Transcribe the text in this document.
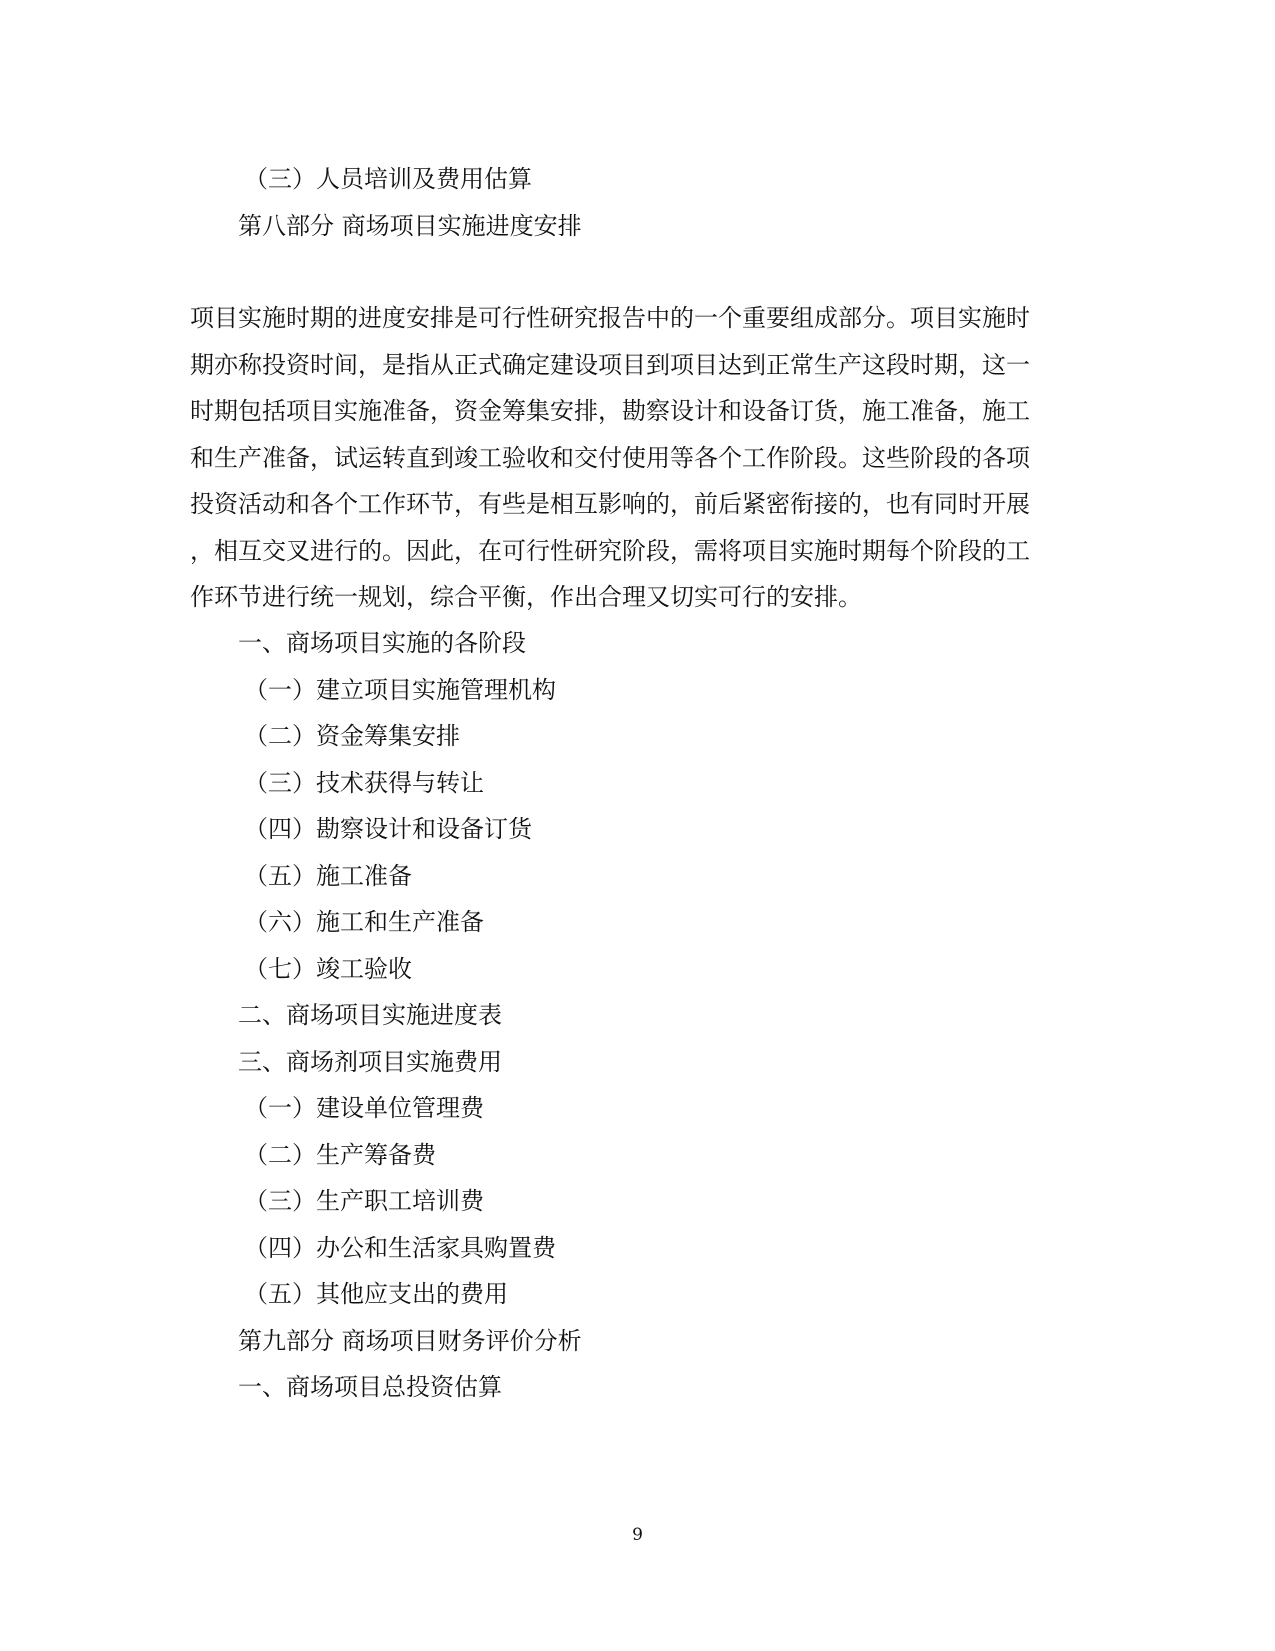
（三）人员培训及费用估算
第八部分 商场项目实施进度安排
项目实施时期的进度安排是可行性研究报告中的一个重要组成部分。项目实施时
期亦称投资时间，是指从正式确定建设项目到项目达到正常生产这段时期，这一
时期包括项目实施准备，资金筹集安排，勘察设计和设备订货，施工准备，施工
和生产准备，试运转直到竣工验收和交付使用等各个工作阶段。这些阶段的各项
投资活动和各个工作环节，有些是相互影响的，前后紧密衔接的，也有同时开展
，相互交叉进行的。因此，在可行性研究阶段，需将项目实施时期每个阶段的工
作环节进行统一规划，综合平衡，作出合理又切实可行的安排。
一、商场项目实施的各阶段
（一）建立项目实施管理机构
（二）资金筹集安排
（三）技术获得与转让
（四）勘察设计和设备订货
（五）施工准备
（六）施工和生产准备
（七）竣工验收
二、商场项目实施进度表
三、商场剂项目实施费用
（一）建设单位管理费
（二）生产筹备费
（三）生产职工培训费
（四）办公和生活家具购置费
（五）其他应支出的费用
第九部分 商场项目财务评价分析
一、商场项目总投资估算
9
